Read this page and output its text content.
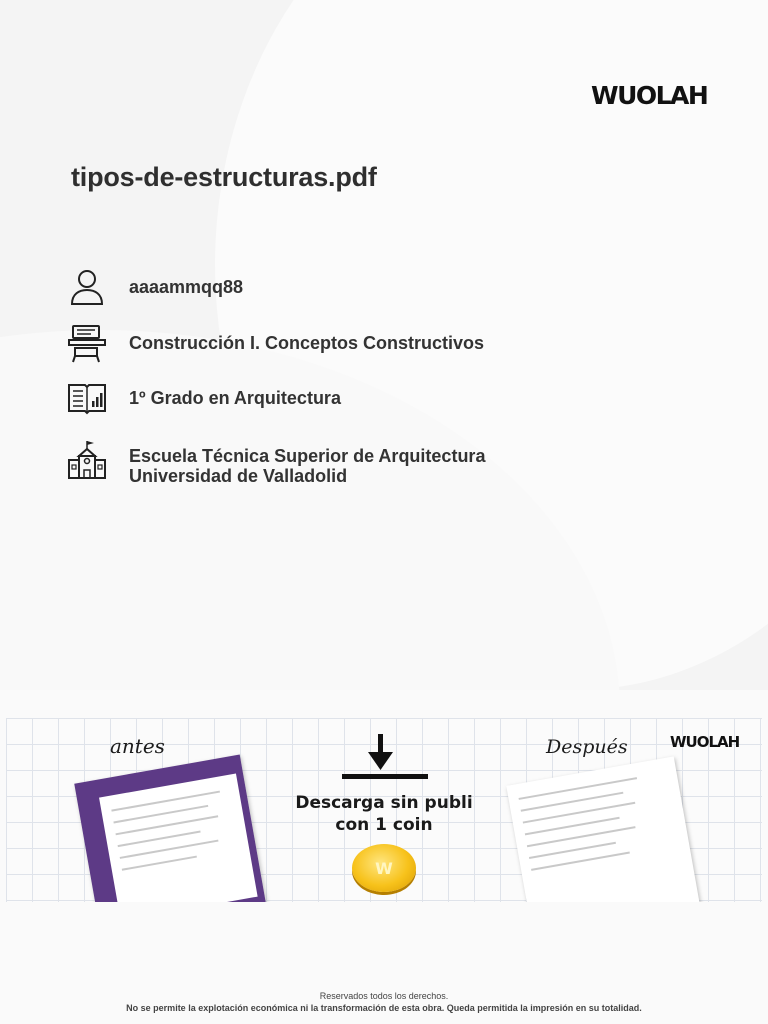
WUOLAH
tipos-de-estructuras.pdf
aaaammqq88
Construcción I. Conceptos Constructivos
1º Grado en Arquitectura
Escuela Técnica Superior de Arquitectura
Universidad de Valladolid
antes
Descarga sin publi
con 1 coin
W
Después	WUOLAH
Reservados todos los derechos.
No se permite la explotación económica ni la transformación de esta obra. Queda permitida la impresión en su totalidad.
